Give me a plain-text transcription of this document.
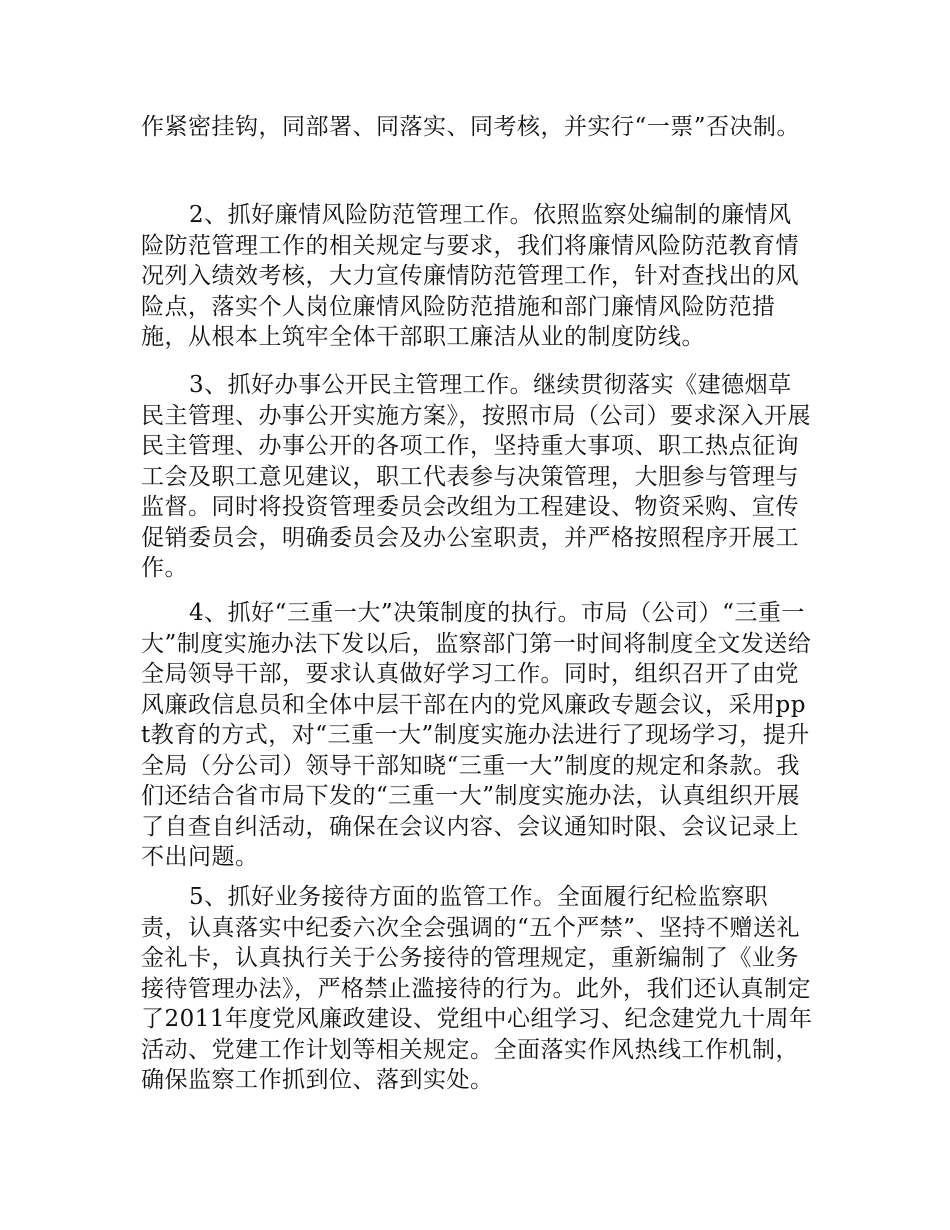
作紧密挂钩，同部署、同落实、同考核，并实行“一票”否决制。

2、抓好廉情风险防范管理工作。依照监察处编制的廉情风险防范管理工作的相关规定与要求，我们将廉情风险防范教育情况列入绩效考核，大力宣传廉情防范管理工作，针对查找出的风险点，落实个人岗位廉情风险防范措施和部门廉情风险防范措施，从根本上筑牢全体干部职工廉洁从业的制度防线。

3、抓好办事公开民主管理工作。继续贯彻落实《建德烟草民主管理、办事公开实施方案》，按照市局（公司）要求深入开展民主管理、办事公开的各项工作，坚持重大事项、职工热点征询工会及职工意见建议，职工代表参与决策管理，大胆参与管理与监督。同时将投资管理委员会改组为工程建设、物资采购、宣传促销委员会，明确委员会及办公室职责，并严格按照程序开展工作。

4、抓好“三重一大”决策制度的执行。市局（公司）“三重一大”制度实施办法下发以后，监察部门第一时间将制度全文发送给全局领导干部，要求认真做好学习工作。同时，组织召开了由党风廉政信息员和全体中层干部在内的党风廉政专题会议，采用ppt教育的方式，对“三重一大”制度实施办法进行了现场学习，提升全局（分公司）领导干部知晓“三重一大”制度的规定和条款。我们还结合省市局下发的“三重一大”制度实施办法，认真组织开展了自查自纠活动，确保在会议内容、会议通知时限、会议记录上不出问题。

5、抓好业务接待方面的监管工作。全面履行纪检监察职责，认真落实中纪委六次全会强调的“五个严禁”、坚持不赠送礼金礼卡，认真执行关于公务接待的管理规定，重新编制了《业务接待管理办法》，严格禁止滥接待的行为。此外，我们还认真制定了2011年度党风廉政建设、党组中心组学习、纪念建党九十周年活动、党建工作计划等相关规定。全面落实作风热线工作机制，确保监察工作抓到位、落到实处。
